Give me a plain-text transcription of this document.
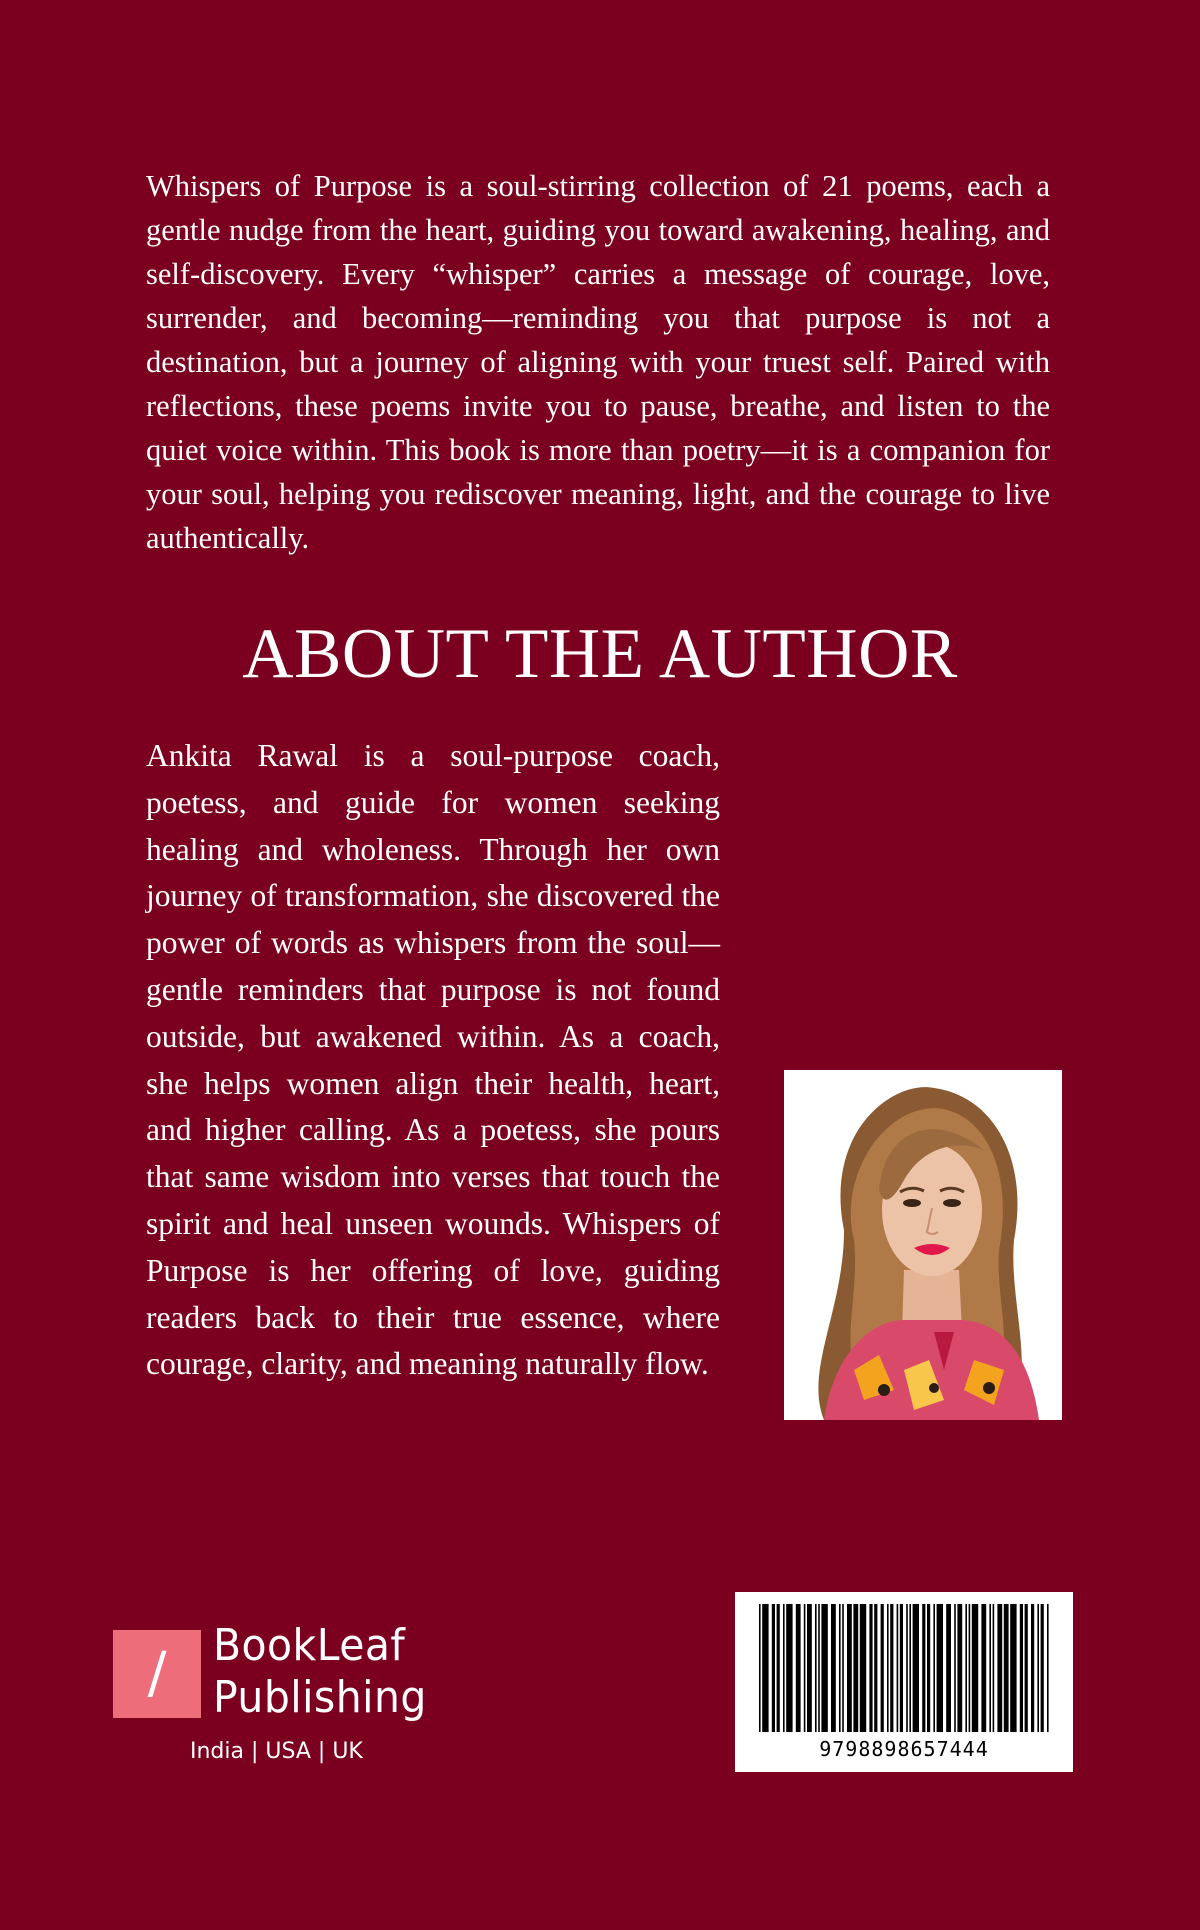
Whispers of Purpose is a soul-stirring collection of 21 poems, each a gentle nudge from the heart, guiding you toward awakening, healing, and self-discovery. Every “whisper” carries a message of courage, love, surrender, and becoming—reminding you that purpose is not a destination, but a journey of aligning with your truest self. Paired with reflections, these poems invite you to pause, breathe, and listen to the quiet voice within. This book is more than poetry—it is a companion for your soul, helping you rediscover meaning, light, and the courage to live authentically.

ABOUT THE AUTHOR

Ankita Rawal is a soul-purpose coach, poetess, and guide for women seeking healing and wholeness. Through her own journey of transformation, she discovered the power of words as whispers from the soul—gentle reminders that purpose is not found outside, but awakened within. As a coach, she helps women align their health, heart, and higher calling. As a poetess, she pours that same wisdom into verses that touch the spirit and heal unseen wounds. Whispers of Purpose is her offering of love, guiding readers back to their true essence, where courage, clarity, and meaning naturally flow.

/	BookLeaf
Publishing
India | USA | UK	9798898657444
